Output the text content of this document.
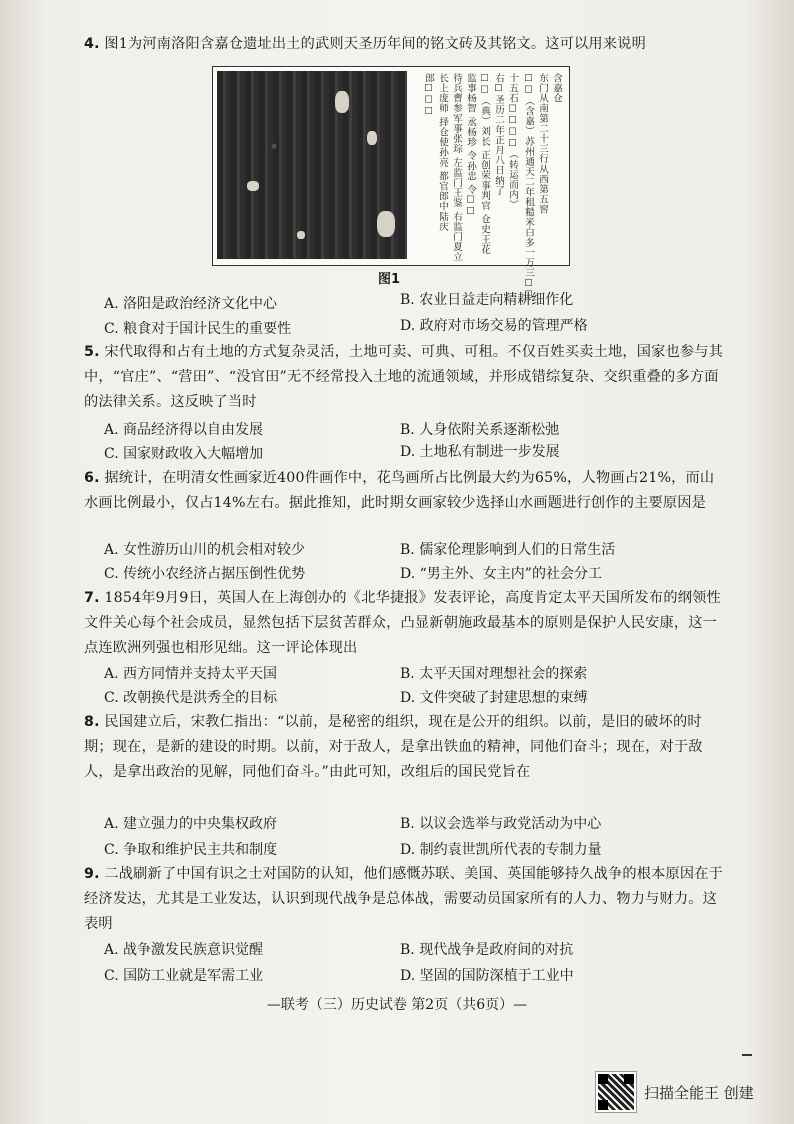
4. 图1为河南洛阳含嘉仓遗址出土的武则天圣历年间的铭文砖及其铭文。这可以用来说明
含嘉仓
东门从南第二十三行从西第五窖
☐☐（含嘉）苏州通天二年租糙米白多一万三☐☐
十五石☐☐☐☐（转运而内）
右☐圣历二年正月八日纳了
☐☐（典）刘长 正创荣事判官 仓史王花
监事杨智 丞杨珍 令孙忠 令☐☐
待兵曹参军事张琮 左监门王鉴 右监门夏立
长上庞师 择仓使孙亮 都官郎中陆庆
郎☐☐☐
图1
A. 洛阳是政治经济文化中心	B. 农业日益走向精耕细作化
C. 粮食对于国计民生的重要性	D. 政府对市场交易的管理严格
5. 宋代取得和占有土地的方式复杂灵活，土地可卖、可典、可租。不仅百姓买卖土地，国家也参与其中，“官庄”、“营田”、“没官田”无不经常投入土地的流通领域，并形成错综复杂、交织重叠的多方面的法律关系。这反映了当时
A. 商品经济得以自由发展	B. 人身依附关系逐渐松弛
C. 国家财政收入大幅增加	D. 土地私有制进一步发展
6. 据统计，在明清女性画家近400件画作中，花鸟画所占比例最大约为65%，人物画占21%，而山水画比例最小，仅占14%左右。据此推知，此时期女画家较少选择山水画题进行创作的主要原因是
A. 女性游历山川的机会相对较少	B. 儒家伦理影响到人们的日常生活
C. 传统小农经济占据压倒性优势	D. “男主外、女主内”的社会分工
7. 1854年9月9日，英国人在上海创办的《北华捷报》发表评论，高度肯定太平天国所发布的纲领性文件关心每个社会成员，显然包括下层贫苦群众，凸显新朝施政最基本的原则是保护人民安康，这一点连欧洲列强也相形见绌。这一评论体现出
A. 西方同情并支持太平天国	B. 太平天国对理想社会的探索
C. 改朝换代是洪秀全的目标	D. 文件突破了封建思想的束缚
8. 民国建立后，宋教仁指出：“以前，是秘密的组织，现在是公开的组织。以前，是旧的破坏的时期；现在，是新的建设的时期。以前，对于敌人，是拿出铁血的精神，同他们奋斗；现在，对于敌人，是拿出政治的见解，同他们奋斗。”由此可知，改组后的国民党旨在
A. 建立强力的中央集权政府	B. 以议会选举与政党活动为中心
C. 争取和维护民主共和制度	D. 制约袁世凯所代表的专制力量
9. 二战刷新了中国有识之士对国防的认知，他们感慨苏联、美国、英国能够持久战争的根本原因在于经济发达，尤其是工业发达，认识到现代战争是总体战，需要动员国家所有的人力、物力与财力。这表明
A. 战争激发民族意识觉醒	B. 现代战争是政府间的对抗
C. 国防工业就是军需工业	D. 坚固的国防深植于工业中
—联考（三）历史试卷 第2页（共6页）—
扫描全能王 创建
